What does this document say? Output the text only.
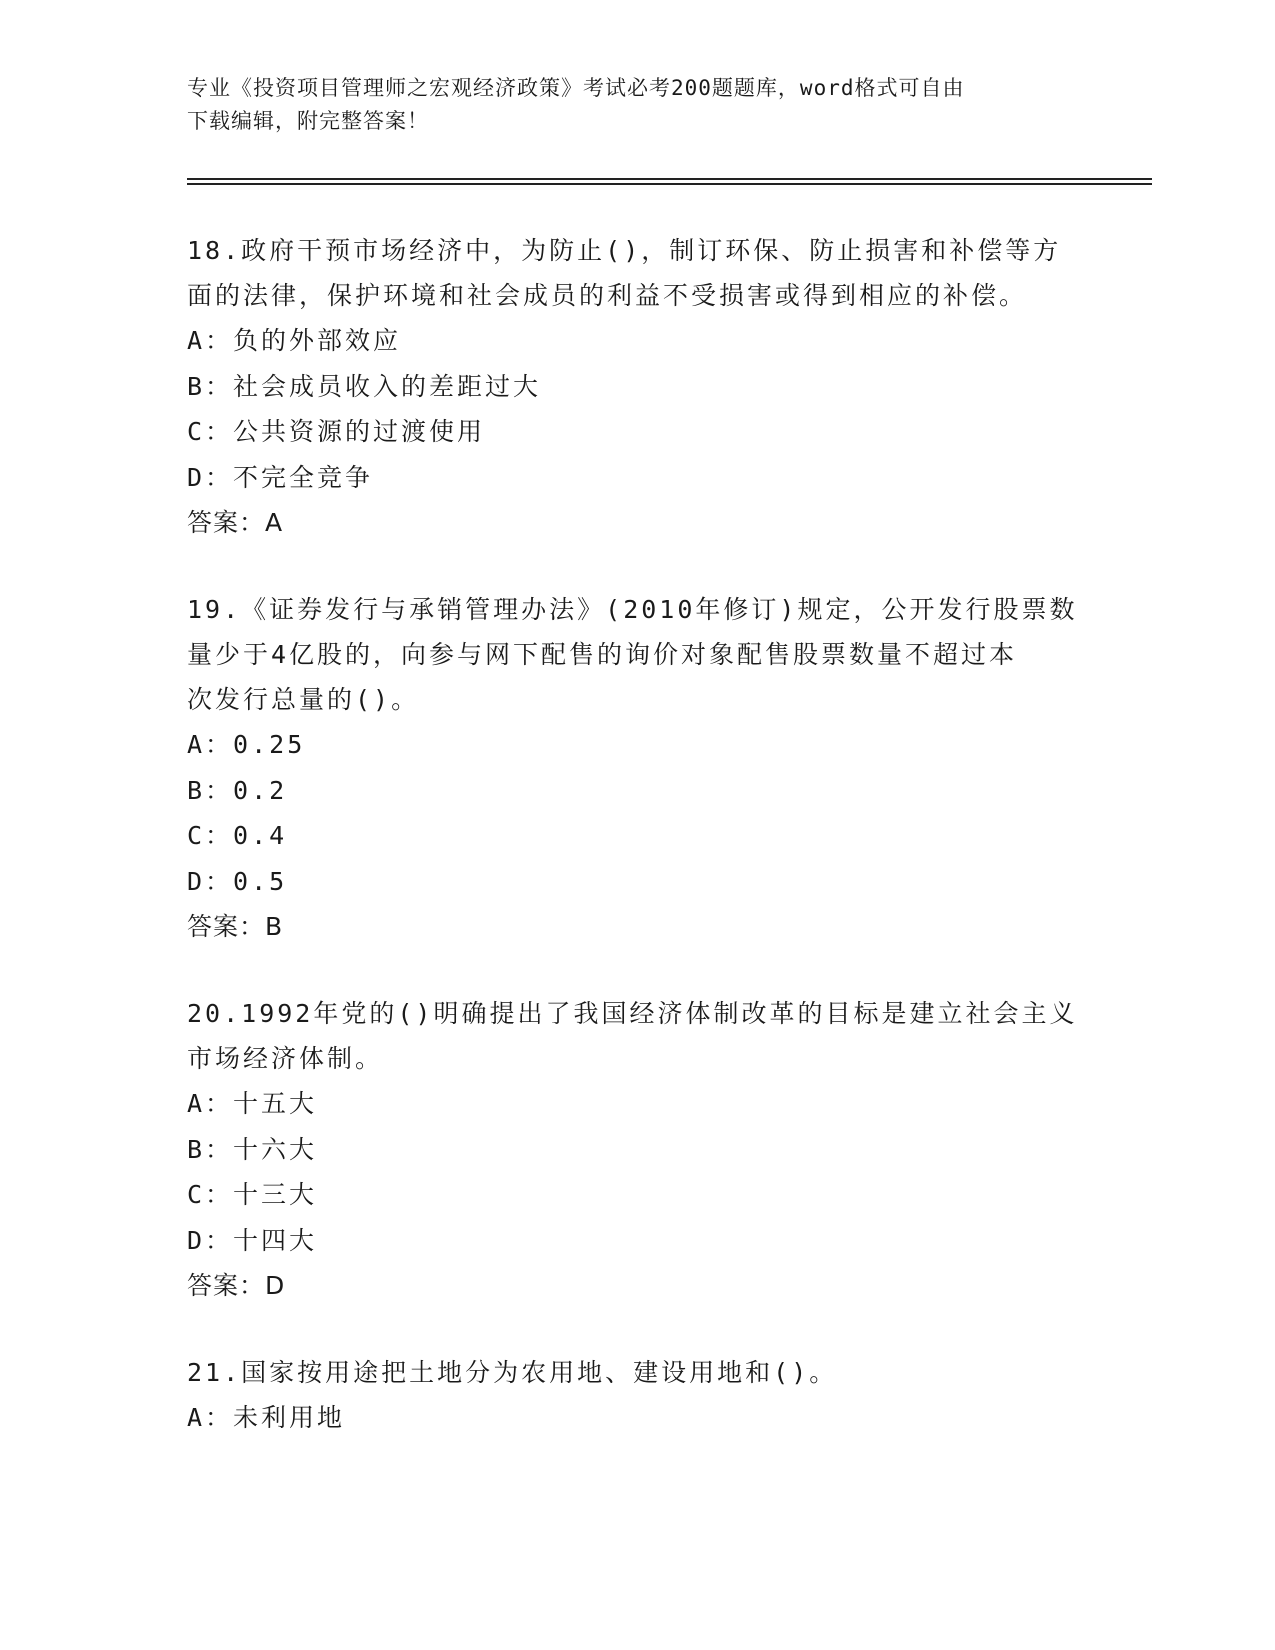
专业《投资项目管理师之宏观经济政策》考试必考200题题库，word格式可自由
下载编辑，附完整答案！

18.政府干预市场经济中，为防止()，制订环保、防止损害和补偿等方

面的法律，保护环境和社会成员的利益不受损害或得到相应的补偿。

A：负的外部效应

B：社会成员收入的差距过大

C：公共资源的过渡使用

D：不完全竞争

答案：A

19.《证券发行与承销管理办法》(2010年修订)规定，公开发行股票数

量少于4亿股的，向参与网下配售的询价对象配售股票数量不超过本

次发行总量的()。

A：0.25

B：0.2

C：0.4

D：0.5

答案：B

20.1992年党的()明确提出了我国经济体制改革的目标是建立社会主义

市场经济体制。

A：十五大

B：十六大

C：十三大

D：十四大

答案：D

21.国家按用途把土地分为农用地、建设用地和()。

A：未利用地
